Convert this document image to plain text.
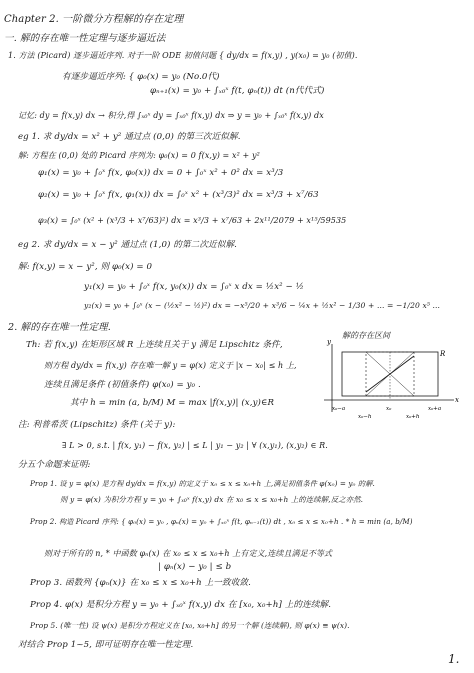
Chapter 2. 一阶微分方程解的存在定理
一. 解的存在唯一性定理与逐步逼近法
1. 方法 (Picard) 逐步逼近序列. 对于一阶 ODE 初值问题 { dy/dx = f(x,y) , y(x₀) = y₀ (初值).
有逐步逼近序列: { φ₀(x) = y₀ (No.0代)
φₙ₊₁(x) = y₀ + ∫ₓ₀ˣ f(t, φₙ(t)) dt (n代代式)
记忆: dy = f(x,y) dx → 积分,得 ∫ₓ₀ˣ dy = ∫ₓ₀ˣ f(x,y) dx ⇒ y = y₀ + ∫ₓ₀ˣ f(x,y) dx
eg 1. 求 dy/dx = x² + y² 通过点 (0,0) 的第三次近似解.
解: 方程在 (0,0) 处的 Picard 序列为: φ₀(x) = 0 f(x,y) = x² + y²
φ₁(x) = y₀ + ∫₀ˣ f(x, φ₀(x)) dx = 0 + ∫₀ˣ x² + 0² dx = x³/3
φ₂(x) = y₀ + ∫₀ˣ f(x, φ₁(x)) dx = ∫₀ˣ x² + (x³/3)² dx = x³/3 + x⁷/63
φ₃(x) = ∫₀ˣ (x² + (x³/3 + x⁷/63)²) dx = x³/3 + x⁷/63 + 2x¹¹/2079 + x¹⁵/59535
eg 2. 求 dy/dx = x − y² 通过点 (1,0) 的第二次近似解.
解: f(x,y) = x − y², 则 φ₀(x) = 0
y₁(x) = y₀ + ∫₀ˣ f(x, y₀(x)) dx = ∫₀ˣ x dx = ½x² − ½
y₂(x) = y₀ + ∫₀ˣ (x − (½x² − ½)²) dx = −x⁵/20 + x³/6 − ¼x + ½x² − 1/30 + ... = −1/20 x⁵ ...
2. 解的存在唯一性定理.
Th: 若 f(x,y) 在矩形区域 R 上连续且关于 y 满足 Lipschitz 条件,
则方程 dy/dx = f(x,y) 存在唯一解 y = φ(x) 定义于 |x − x₀| ≤ h 上,
连续且满足条件 (初值条件) φ(x₀) = y₀ .
其中 h = min (a, b/M) M = max |f(x,y)| (x,y)∈R
注: 利普希茨 (Lipschitz) 条件 (关于 y):
∃ L > 0, s.t. | f(x, y₁) − f(x, y₂) | ≤ L | y₁ − y₂ | ∀ (x,y₁), (x,y₂) ∈ R.
分五个命题来证明:
Prop 1. 设 y = φ(x) 是方程 dy/dx = f(x,y) 的定义于 x₀ ≤ x ≤ x₀+h 上,满足初值条件 φ(x₀) = y₀ 的解.
则 y = φ(x) 为积分方程 y = y₀ + ∫ₓ₀ˣ f(x,y) dx 在 x₀ ≤ x ≤ x₀+h 上的连续解,反之亦然.
Prop 2. 构造 Picard 序列: { φ₀(x) = y₀ , φₙ(x) = y₀ + ∫ₓ₀ˣ f(t, φₙ₋₁(t)) dt , x₀ ≤ x ≤ x₀+h . * h = min (a, b/M)
则对于所有的 n, * 中函数 φₙ(x) 在 x₀ ≤ x ≤ x₀+h 上有定义,连续且满足不等式
| φₙ(x) − y₀ | ≤ b
Prop 3. 函数列 {φₙ(x)} 在 x₀ ≤ x ≤ x₀+h 上一致收敛.
Prop 4. φ(x) 是积分方程 y = y₀ + ∫ₓ₀ˣ f(x,y) dx 在 [x₀, x₀+h] 上的连续解.
Prop 5. (唯一性) 设 ψ(x) 是积分方程定义在 [x₀, x₀+h] 的另一个解 (连续解), 则 φ(x) ≡ ψ(x).
对结合 Prop 1~5, 即可证明存在唯一性定理.
解的存在区间
x
y
R
x₀−a	x₀	x₀+a
x₀−h	x₀+h
1.
